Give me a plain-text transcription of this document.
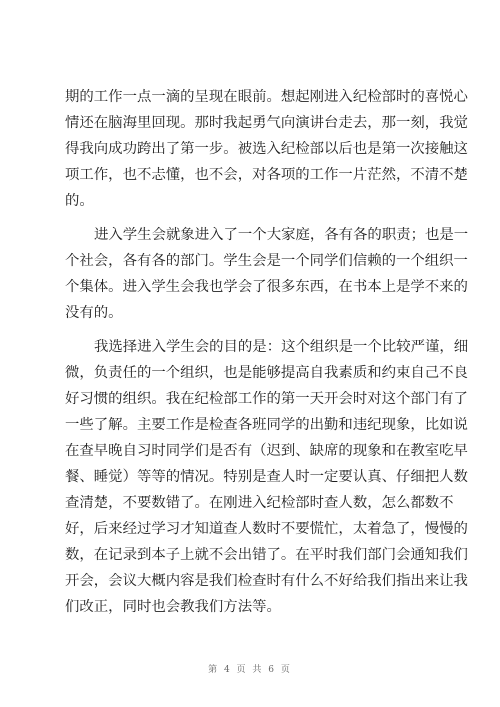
期的工作一点一滴的呈现在眼前。想起刚进入纪检部时的喜悦心
情还在脑海里回现。那时我起勇气向演讲台走去，那一刻，我觉
得我向成功跨出了第一步。被选入纪检部以后也是第一次接触这
项工作，也不忐懂，也不会，对各项的工作一片茫然，不清不楚
的。
进入学生会就象进入了一个大家庭，各有各的职责；也是一
个社会，各有各的部门。学生会是一个同学们信赖的一个组织一
个集体。进入学生会我也学会了很多东西，在书本上是学不来的
没有的。
我选择进入学生会的目的是：这个组织是一个比较严谨，细
微，负责任的一个组织，也是能够提高自我素质和约束自己不良
好习惯的组织。我在纪检部工作的第一天开会时对这个部门有了
一些了解。主要工作是检查各班同学的出勤和违纪现象，比如说
在查早晚自习时同学们是否有（迟到、缺席的现象和在教室吃早
餐、睡觉）等等的情况。特别是查人时一定要认真、仔细把人数
查清楚，不要数错了。在刚进入纪检部时查人数，怎么都数不
好，后来经过学习才知道查人数时不要慌忙，太着急了，慢慢的
数，在记录到本子上就不会出错了。在平时我们部门会通知我们
开会，会议大概内容是我们检查时有什么不好给我们指出来让我
们改正，同时也会教我们方法等。
第 4 页 共 6 页
